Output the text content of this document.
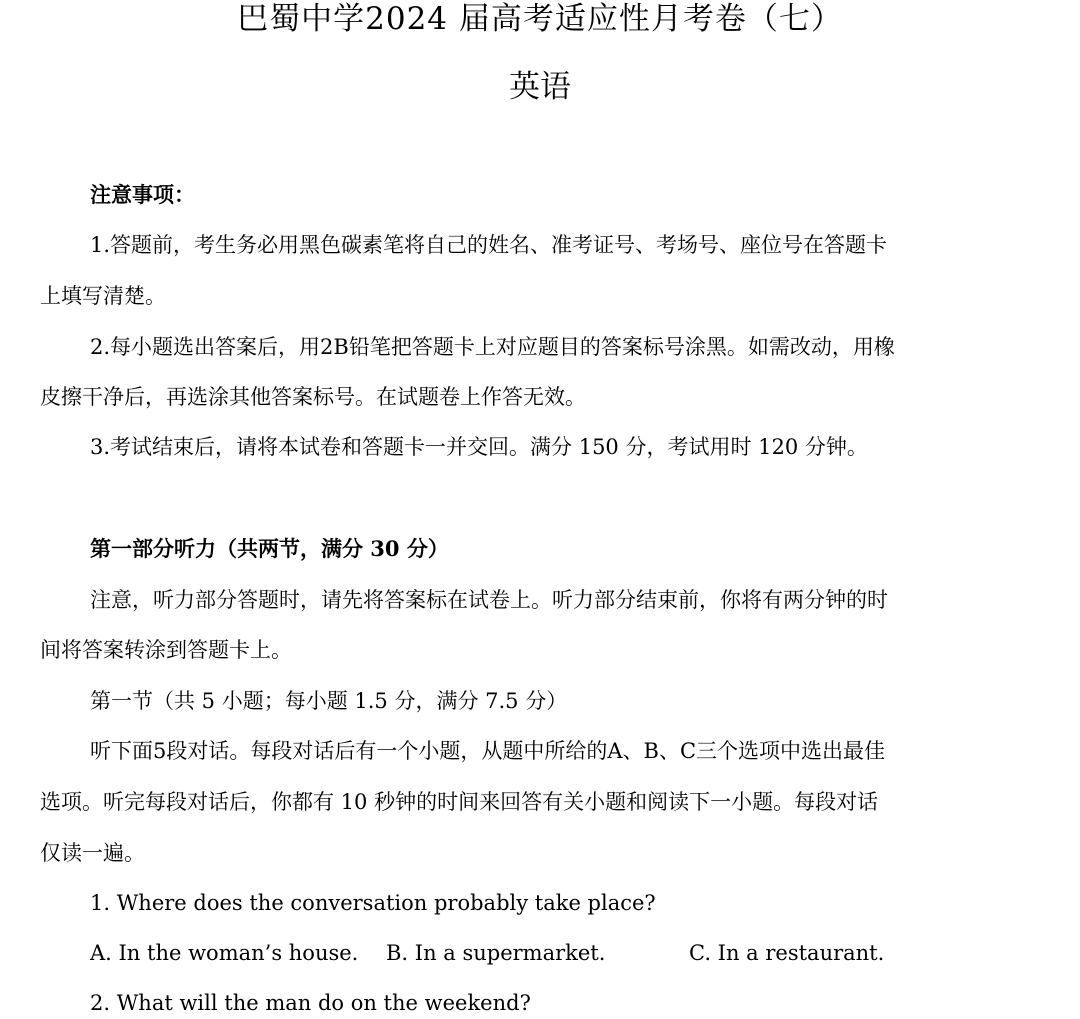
巴蜀中学2024 届高考适应性月考卷（七）
英语
注意事项：
1.答题前，考生务必用黑色碳素笔将自己的姓名、准考证号、考场号、座位号在答题卡
上填写清楚。
2.每小题选出答案后，用2B铅笔把答题卡上对应题目的答案标号涂黑。如需改动，用橡
皮擦干净后，再选涂其他答案标号。在试题卷上作答无效。
3.考试结束后，请将本试卷和答题卡一并交回。满分 150 分，考试用时 120 分钟。
第一部分听力（共两节，满分 30 分）
注意，听力部分答题时，请先将答案标在试卷上。听力部分结束前，你将有两分钟的时
间将答案转涂到答题卡上。
第一节（共 5 小题；每小题 1.5 分，满分 7.5 分）
听下面5段对话。每段对话后有一个小题，从题中所给的A、B、C三个选项中选出最佳
选项。听完每段对话后，你都有 10 秒钟的时间来回答有关小题和阅读下一小题。每段对话
仅读一遍。
1. Where does the conversation probably take place?
A. In the woman’s house. B. In a supermarket.	C. In a restaurant.
2. What will the man do on the weekend?
